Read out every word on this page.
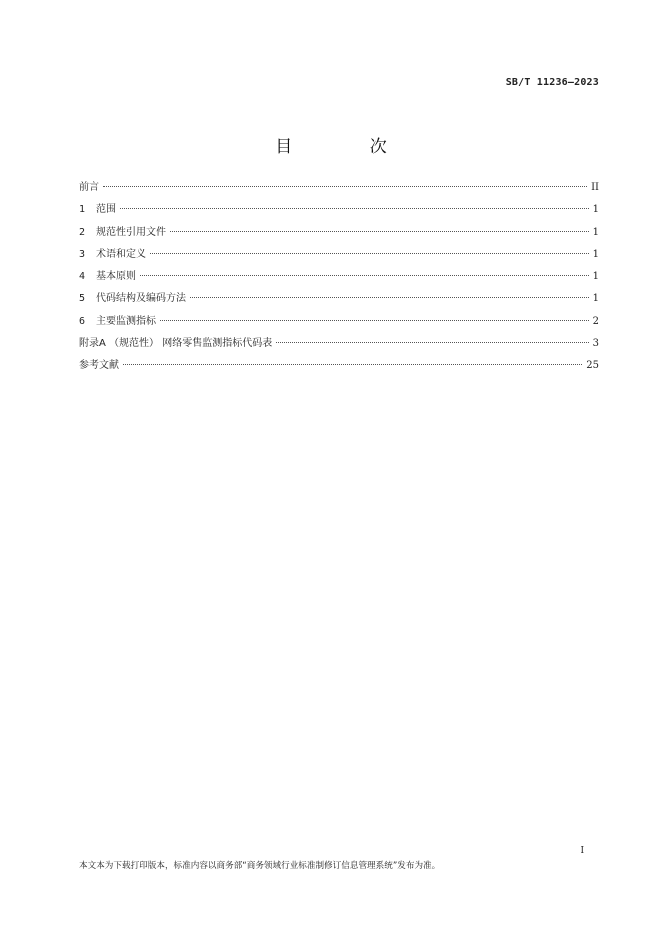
SB/T 11236—2023
目 次
前言	II
1	范围	1
2	规范性引用文件	1
3	术语和定义	1
4	基本原则	1
5	代码结构及编码方法	1
6	主要监测指标	2
附录A （规范性） 网络零售监测指标代码表	3
参考文献	25
I
本文本为下载打印版本，标准内容以商务部“商务领域行业标准制修订信息管理系统”发布为准。
